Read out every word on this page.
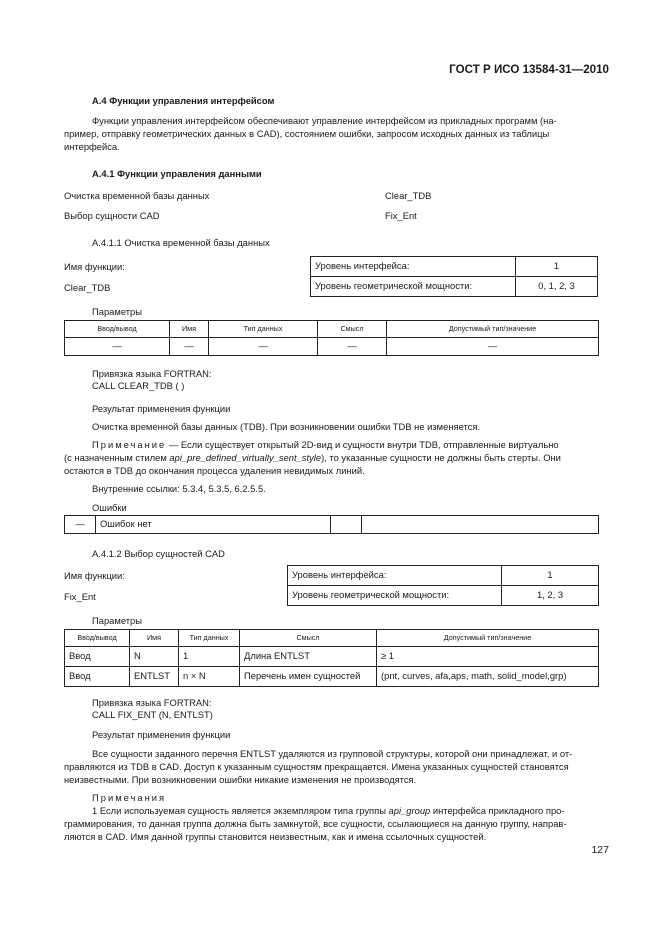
ГОСТ Р ИСО 13584-31—2010

А.4 Функции управления интерфейсом

Функции управления интерфейсом обеспечивают управление интерфейсом из прикладных программ (на-

пример, отправку геометрических данных в CAD), состоянием ошибки, запросом исходных данных из таблицы

интерфейса.

А.4.1 Функции управления данными

Очистка временной базы данных	Clear_TDB

Выбор сущности CAD	Fix_Ent

А.4.1.1 Очистка временной базы данных

Имя функции:

Clear_TDB

Уровень интерфейса:	1
Уровень геометрической мощности:	0, 1, 2, 3

Параметры

Ввод/вывод	Имя	Тип данных	Смысл	Допустимый тип/значение
—	—	—	—	—

Привязка языка FORTRAN:

CALL CLEAR_TDB ( )

Результат применения функции

Очистка временной базы данных (TDB). При возникновении ошибки TDB не изменяется.

Примечание — Если существует открытый 2D-вид и сущности внутри TDB, отправленные виртуально

(с назначенным стилем api_pre_defined_virtually_sent_style), то указанные сущности не должны быть стерты. Они

остаются в TDB до окончания процесса удаления невидимых линий.

Внутренние ссылки: 5.3.4, 5.3.5, 6.2.5.5.

Ошибки

—	Ошибок нет		

А.4.1.2 Выбор сущностей CAD

Имя функции:

Fix_Ent

Уровень интерфейса:	1
Уровень геометрической мощности:	1, 2, 3

Параметры

Ввод/вывод	Имя	Тип данных	Смысл	Допустимый тип/значение
Ввод	N	1	Длина ENTLST	≥ 1
Ввод	ENTLST	n × N	Перечень имен сущностей	(pnt, curves, afa,aps, math, solid_model,grp)

Привязка языка FORTRAN:

CALL FIX_ENT (N, ENTLST)

Результат применения функции

Все сущности заданного перечня ENTLST удаляются из групповой структуры, которой они принадлежат, и от-

правляются из TDB в CAD. Доступ к указанным сущностям прекращается. Имена указанных сущностей становятся

неизвестными. При возникновении ошибки никакие изменения не производятся.

Примечания

1 Если используемая сущность является экземпляром типа группы api_group интерфейса прикладного про-

граммирования, то данная группа должна быть замкнутой, все сущности, ссылающиеся на данную группу, направ-

ляются в CAD. Имя данной группы становится неизвестным, как и имена ссылочных сущностей.

127
